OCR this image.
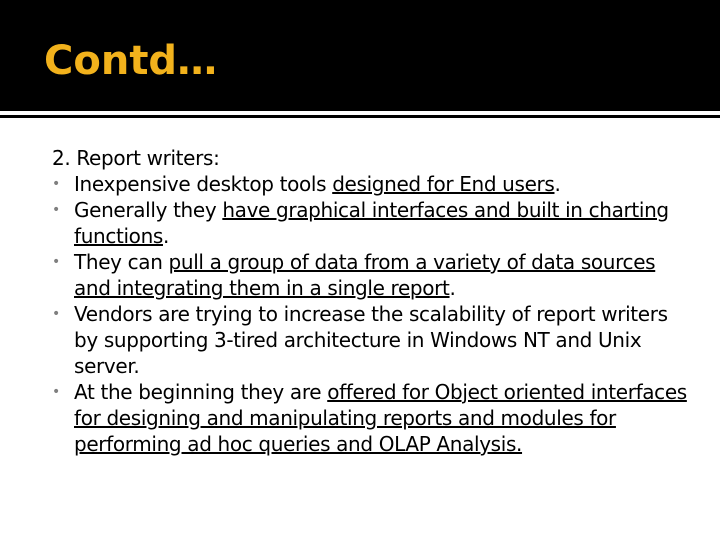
Contd…

2. Report writers:

• Inexpensive desktop tools designed for End users.
• Generally they have graphical interfaces and built in charting functions.
• They can pull a group of data from a variety of data sources and integrating them in a single report.
• Vendors are trying to increase the scalability of report writers by supporting 3-tired architecture in Windows NT and Unix server.
• At the beginning they are offered for Object oriented interfaces for designing and manipulating reports and modules for performing ad hoc queries and OLAP Analysis.
